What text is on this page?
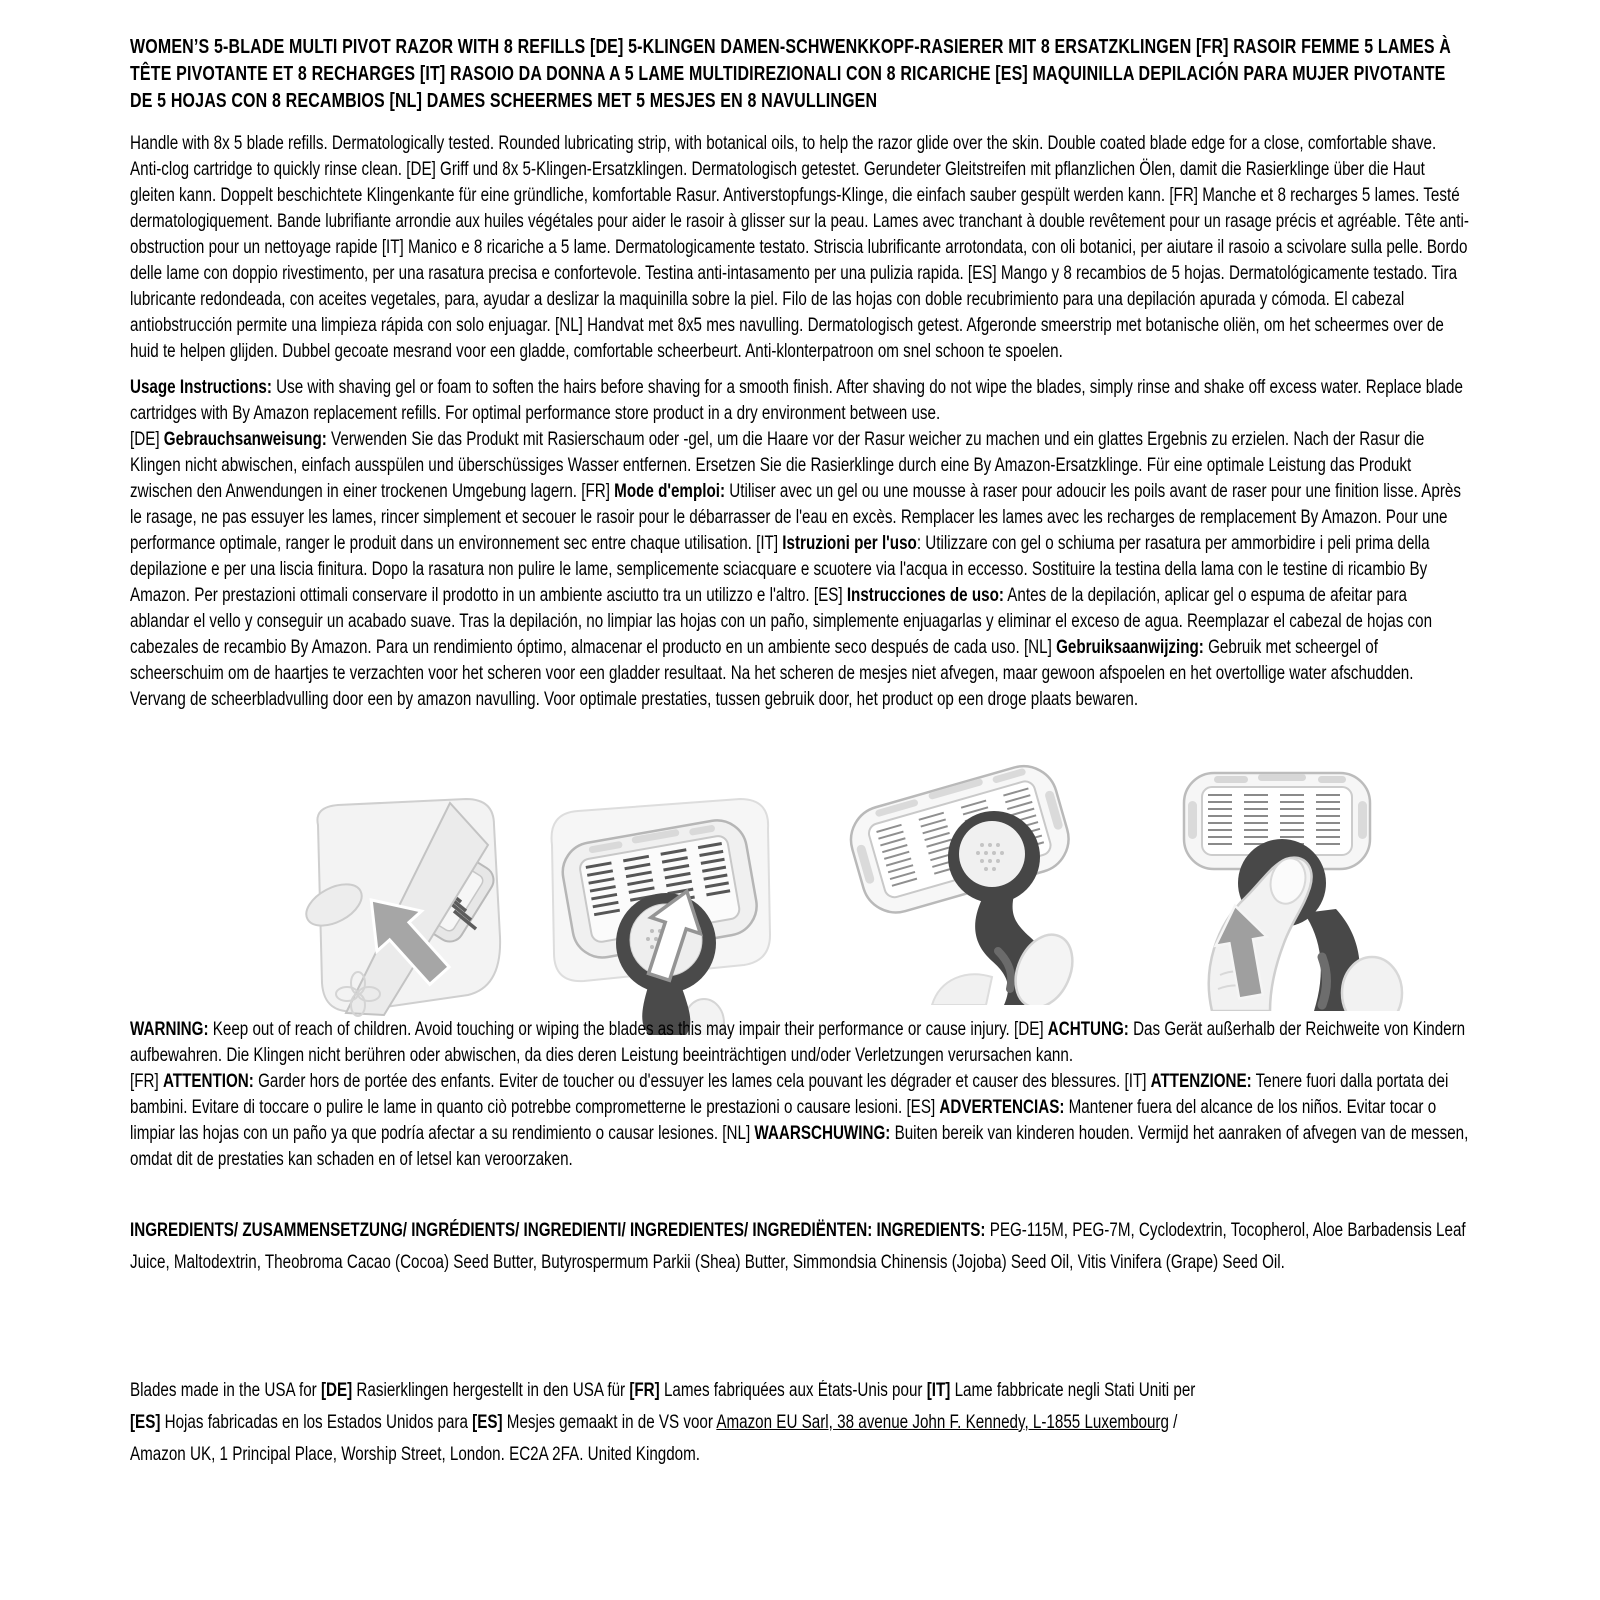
WOMEN’S 5-BLADE MULTI PIVOT RAZOR WITH 8 REFILLS [DE] 5-KLINGEN DAMEN-SCHWENKKOPF-RASIERER MIT 8 ERSATZKLINGEN [FR] RASOIR FEMME 5 LAMES À TÊTE PIVOTANTE ET 8 RECHARGES [IT] RASOIO DA DONNA A 5 LAME MULTIDIREZIONALI CON 8 RICARICHE [ES] MAQUINILLA DEPILACIÓN PARA MUJER PIVOTANTE DE 5 HOJAS CON 8 RECAMBIOS [NL] DAMES SCHEERMES MET 5 MESJES EN 8 NAVULLINGEN

Handle with 8x 5 blade refills. Dermatologically tested. Rounded lubricating strip, with botanical oils, to help the razor glide over the skin. Double coated blade edge for a close, comfortable shave. Anti-clog cartridge to quickly rinse clean. [DE] Griff und 8x 5-Klingen-Ersatzklingen. Dermatologisch getestet. Gerundeter Gleitstreifen mit pflanzlichen Ölen, damit die Rasierklinge über die Haut gleiten kann. Doppelt beschichtete Klingenkante für eine gründliche, komfortable Rasur. Antiverstopfungs-Klinge, die einfach sauber gespült werden kann. [FR] Manche et 8 recharges 5 lames. Testé dermatologiquement. Bande lubrifiante arrondie aux huiles végétales pour aider le rasoir à glisser sur la peau. Lames avec tranchant à double revêtement pour un rasage précis et agréable. Tête anti-obstruction pour un nettoyage rapide [IT] Manico e 8 ricariche a 5 lame. Dermatologicamente testato. Striscia lubrificante arrotondata, con oli botanici, per aiutare il rasoio a scivolare sulla pelle. Bordo delle lame con doppio rivestimento, per una rasatura precisa e confortevole. Testina anti-intasamento per una pulizia rapida. [ES] Mango y 8 recambios de 5 hojas. Dermatológicamente testado. Tira lubricante redondeada, con aceites vegetales, para, ayudar a deslizar la maquinilla sobre la piel. Filo de las hojas con doble recubrimiento para una depilación apurada y cómoda. El cabezal antiobstrucción permite una limpieza rápida con solo enjuagar. [NL] Handvat met 8x5 mes navulling. Dermatologisch getest. Afgeronde smeerstrip met botanische oliën, om het scheermes over de huid te helpen glijden. Dubbel gecoate mesrand voor een gladde, comfortable scheerbeurt. Anti-klonterpatroon om snel schoon te spoelen.

Usage Instructions: Use with shaving gel or foam to soften the hairs before shaving for a smooth finish. After shaving do not wipe the blades, simply rinse and shake off excess water. Replace blade cartridges with By Amazon replacement refills. For optimal performance store product in a dry environment between use.
[DE] Gebrauchsanweisung: Verwenden Sie das Produkt mit Rasierschaum oder -gel, um die Haare vor der Rasur weicher zu machen und ein glattes Ergebnis zu erzielen. Nach der Rasur die Klingen nicht abwischen, einfach ausspülen und überschüssiges Wasser entfernen. Ersetzen Sie die Rasierklinge durch eine By Amazon-Ersatzklinge. Für eine optimale Leistung das Produkt zwischen den Anwendungen in einer trockenen Umgebung lagern. [FR] Mode d'emploi: Utiliser avec un gel ou une mousse à raser pour adoucir les poils avant de raser pour une finition lisse. Après le rasage, ne pas essuyer les lames, rincer simplement et secouer le rasoir pour le débarrasser de l'eau en excès. Remplacer les lames avec les recharges de remplacement By Amazon. Pour une performance optimale, ranger le produit dans un environnement sec entre chaque utilisation. [IT] Istruzioni per l'uso: Utilizzare con gel o schiuma per rasatura per ammorbidire i peli prima della depilazione e per una liscia finitura. Dopo la rasatura non pulire le lame, semplicemente sciacquare e scuotere via l'acqua in eccesso. Sostituire la testina della lama con le testine di ricambio By Amazon. Per prestazioni ottimali conservare il prodotto in un ambiente asciutto tra un utilizzo e l'altro. [ES] Instrucciones de uso: Antes de la depilación, aplicar gel o espuma de afeitar para ablandar el vello y conseguir un acabado suave. Tras la depilación, no limpiar las hojas con un paño, simplemente enjuagarlas y eliminar el exceso de agua. Reemplazar el cabezal de hojas con cabezales de recambio By Amazon. Para un rendimiento óptimo, almacenar el producto en un ambiente seco después de cada uso. [NL] Gebruiksaanwijzing: Gebruik met scheergel of scheerschuim om de haartjes te verzachten voor het scheren voor een gladder resultaat. Na het scheren de mesjes niet afvegen, maar gewoon afspoelen en het overtollige water afschudden. Vervang de scheerbladvulling door een by amazon navulling. Voor optimale prestaties, tussen gebruik door, het product op een droge plaats bewaren.

WARNING: Keep out of reach of children. Avoid touching or wiping the blades as this may impair their performance or cause injury. [DE] ACHTUNG: Das Gerät außerhalb der Reichweite von Kindern aufbewahren. Die Klingen nicht berühren oder abwischen, da dies deren Leistung beeinträchtigen und/oder Verletzungen verursachen kann.
[FR] ATTENTION: Garder hors de portée des enfants. Eviter de toucher ou d'essuyer les lames cela pouvant les dégrader et causer des blessures. [IT] ATTENZIONE: Tenere fuori dalla portata dei bambini. Evitare di toccare o pulire le lame in quanto ciò potrebbe comprometterne le prestazioni o causare lesioni. [ES] ADVERTENCIAS: Mantener fuera del alcance de los niños. Evitar tocar o limpiar las hojas con un paño ya que podría afectar a su rendimiento o causar lesiones. [NL] WAARSCHUWING: Buiten bereik van kinderen houden. Vermijd het aanraken of afvegen van de messen, omdat dit de prestaties kan schaden en of letsel kan veroorzaken.

INGREDIENTS/ ZUSAMMENSETZUNG/ INGRÉDIENTS/ INGREDIENTI/ INGREDIENTES/ INGREDIËNTEN: INGREDIENTS: PEG-115M, PEG-7M, Cyclodextrin, Tocopherol, Aloe Barbadensis Leaf Juice, Maltodextrin, Theobroma Cacao (Cocoa) Seed Butter, Butyrospermum Parkii (Shea) Butter, Simmondsia Chinensis (Jojoba) Seed Oil, Vitis Vinifera (Grape) Seed Oil.

Blades made in the USA for [DE] Rasierklingen hergestellt in den USA für [FR] Lames fabriquées aux États-Unis pour [IT] Lame fabbricate negli Stati Uniti per
[ES] Hojas fabricadas en los Estados Unidos para [ES] Mesjes gemaakt in de VS voor Amazon EU Sarl, 38 avenue John F. Kennedy, L-1855 Luxembourg /
Amazon UK, 1 Principal Place, Worship Street, London. EC2A 2FA. United Kingdom.
